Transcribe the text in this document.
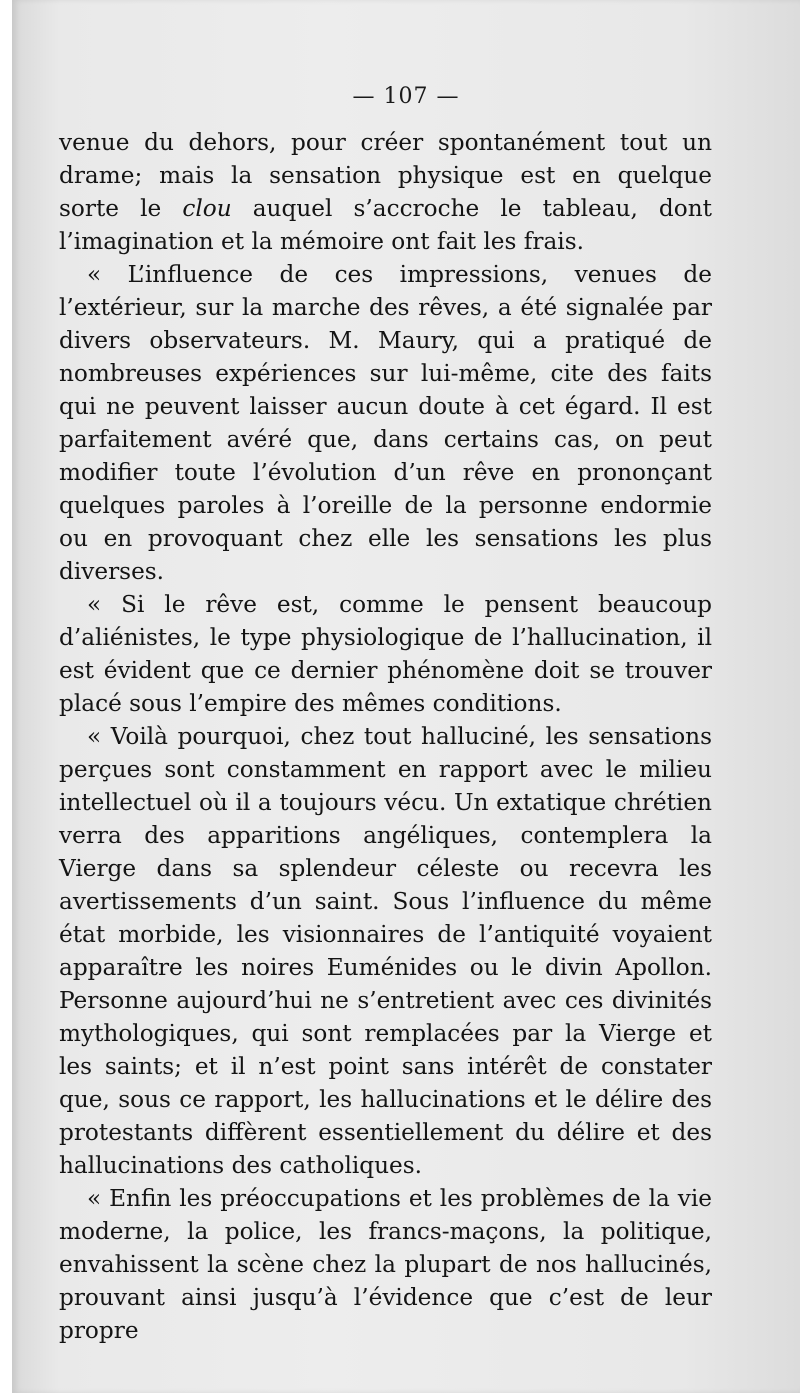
— 107 —

venue du dehors, pour créer spontanément tout un drame; mais la sensation physique est en quelque sorte le clou auquel s’accroche le tableau, dont l’imagination et la mémoire ont fait les frais.

« L’influence de ces impressions, venues de l’extérieur, sur la marche des rêves, a été signalée par divers observateurs. M. Maury, qui a pratiqué de nombreuses expériences sur lui-même, cite des faits qui ne peuvent laisser aucun doute à cet égard. Il est parfaitement avéré que, dans certains cas, on peut modifier toute l’évolution d’un rêve en prononçant quelques paroles à l’oreille de la personne endormie ou en provoquant chez elle les sensations les plus diverses.

« Si le rêve est, comme le pensent beaucoup d’aliénistes, le type physiologique de l’hallucination, il est évident que ce dernier phénomène doit se trouver placé sous l’empire des mêmes conditions.

« Voilà pourquoi, chez tout halluciné, les sensations perçues sont constamment en rapport avec le milieu intellectuel où il a toujours vécu. Un extatique chrétien verra des apparitions angéliques, contemplera la Vierge dans sa splendeur céleste ou recevra les avertissements d’un saint. Sous l’influence du même état morbide, les visionnaires de l’antiquité voyaient apparaître les noires Euménides ou le divin Apollon. Personne aujourd’hui ne s’entretient avec ces divinités mythologiques, qui sont remplacées par la Vierge et les saints; et il n’est point sans intérêt de constater que, sous ce rapport, les hallucinations et le délire des protestants diffèrent essentiellement du délire et des hallucinations des catholiques.

« Enfin les préoccupations et les problèmes de la vie moderne, la police, les francs-maçons, la politique, envahissent la scène chez la plupart de nos hallucinés, prouvant ainsi jusqu’à l’évidence que c’est de leur propre
